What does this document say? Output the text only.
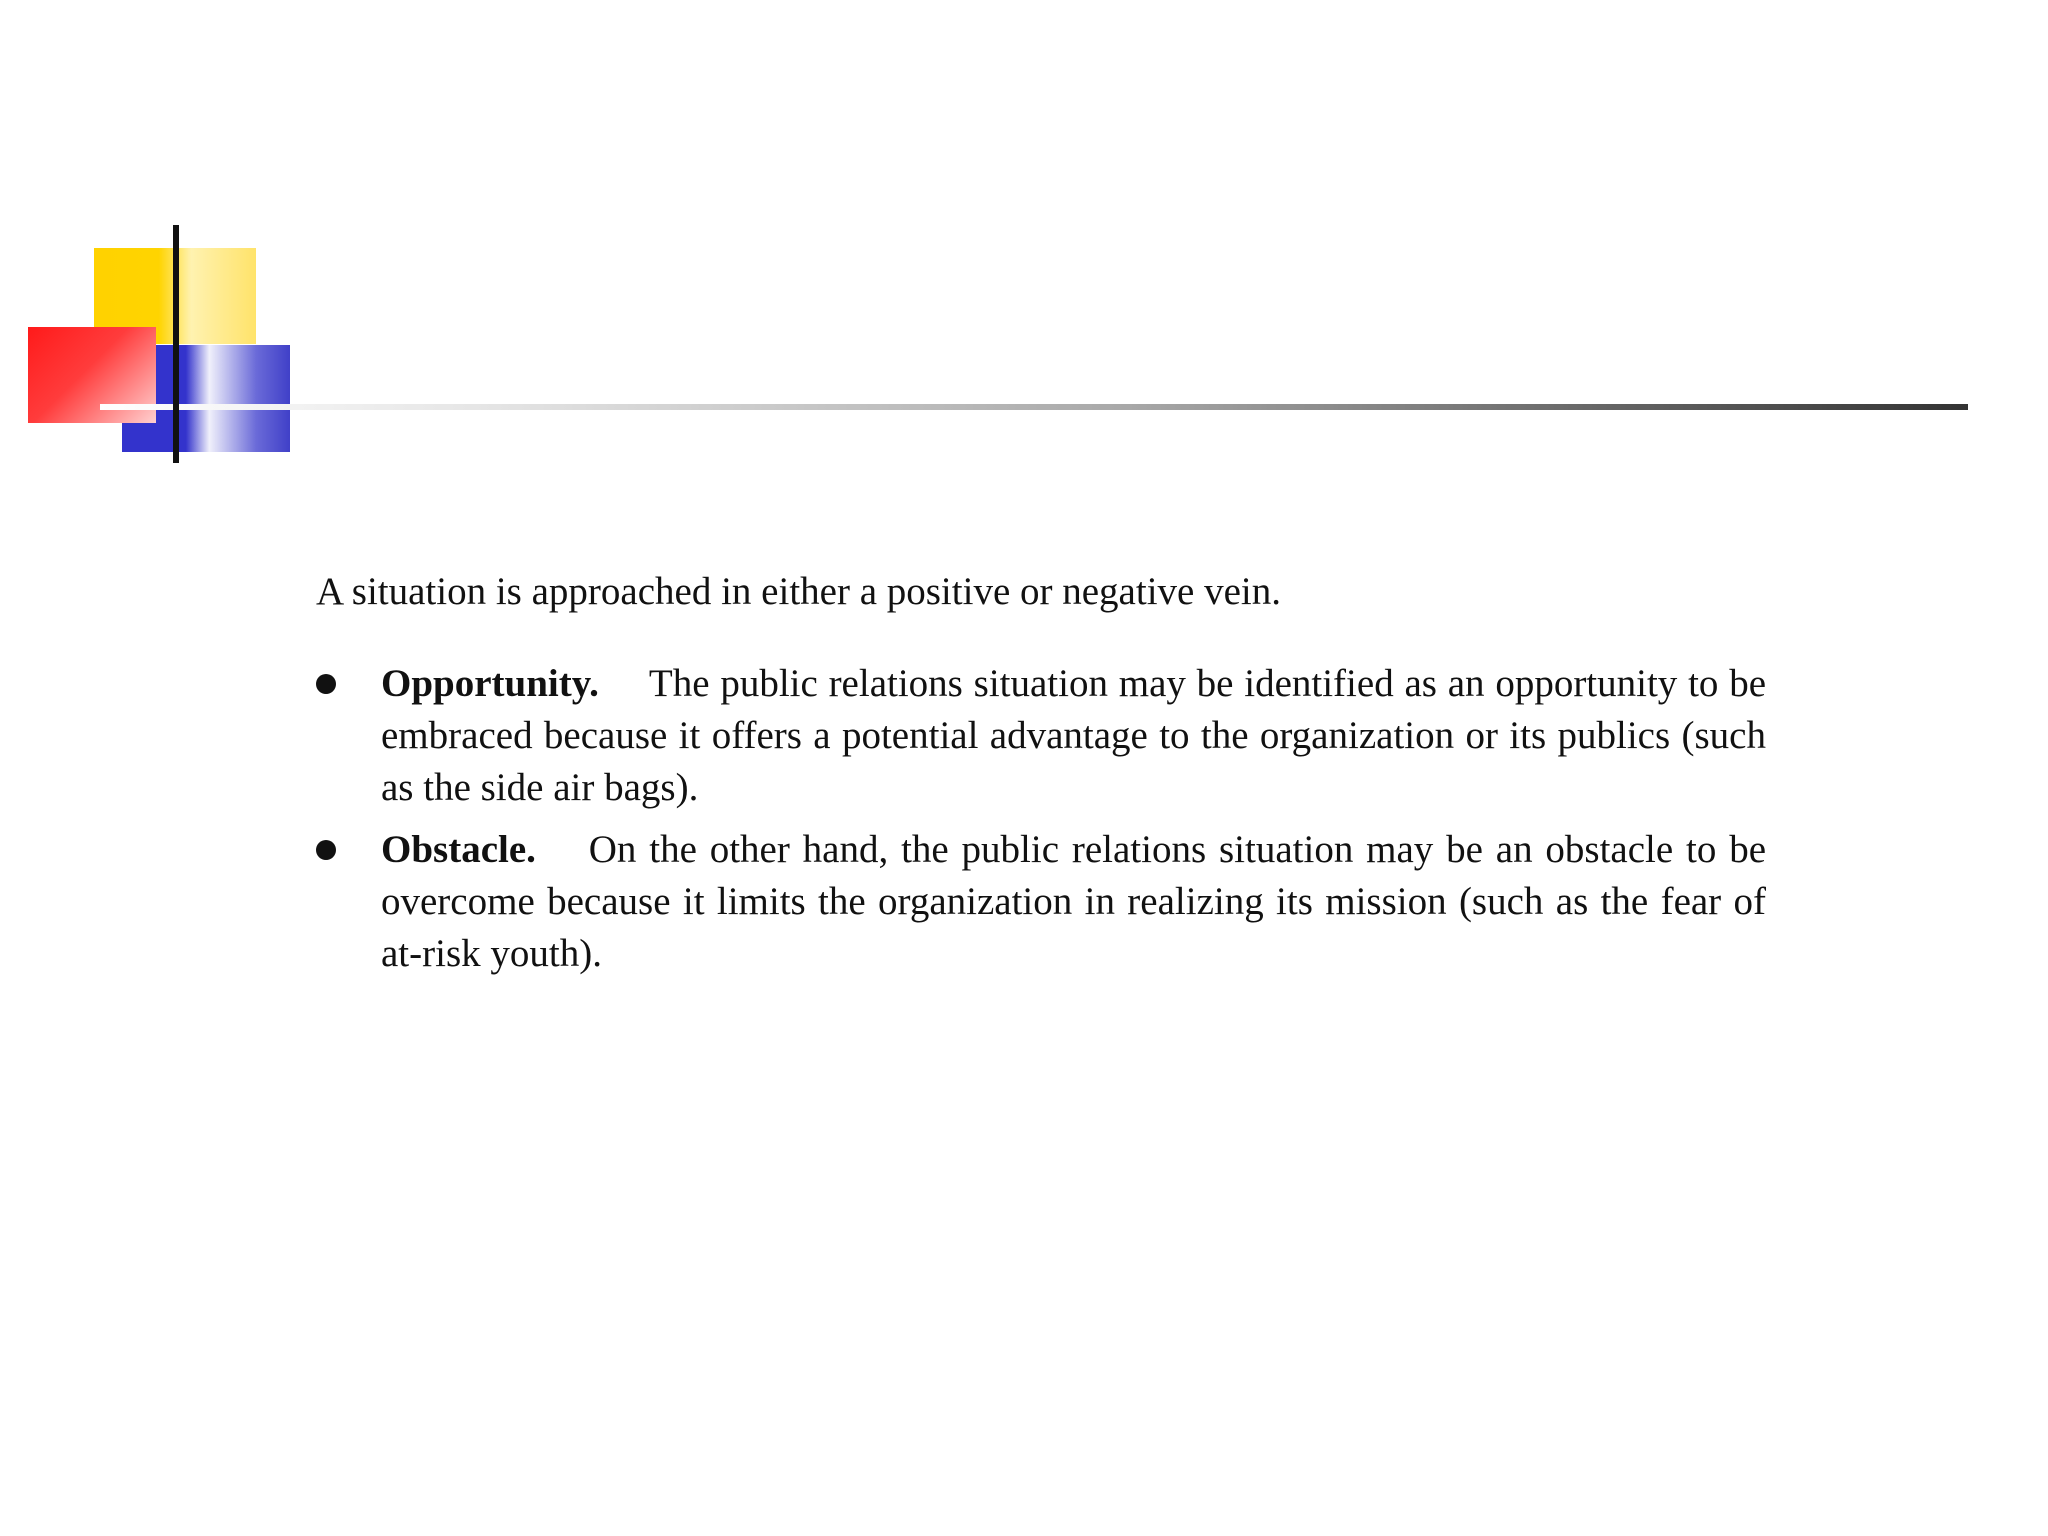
A situation is approached in either a positive or negative vein.

Opportunity. The public relations situation may be identified as an opportunity to be embraced because it offers a potential advantage to the organization or its publics (such as the side air bags).
Obstacle. On the other hand, the public relations situation may be an obstacle to be overcome because it limits the organization in realizing its mission (such as the fear of at-risk youth).
